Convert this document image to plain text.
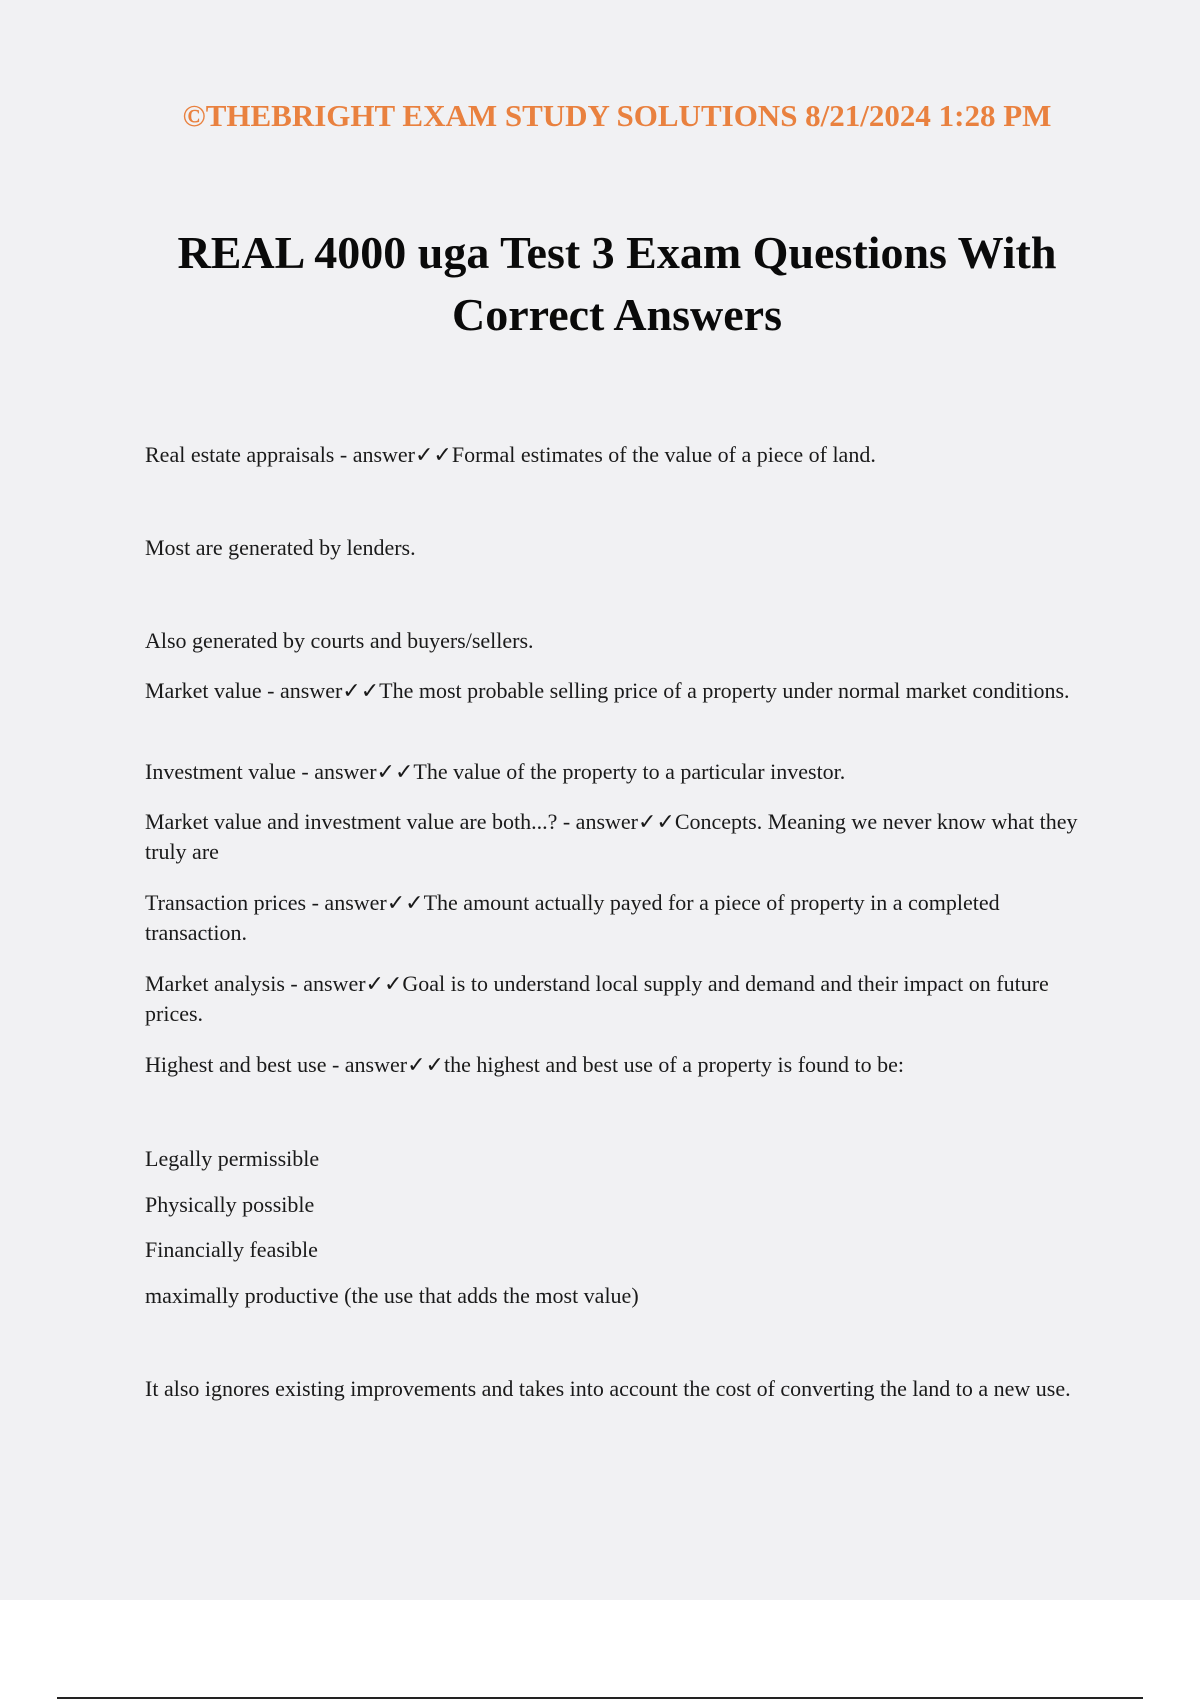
©THEBRIGHT EXAM STUDY SOLUTIONS 8/21/2024 1:28 PM
REAL 4000 uga Test 3 Exam Questions With Correct Answers

Real estate appraisals - answer✓✓Formal estimates of the value of a piece of land.

Most are generated by lenders.

Also generated by courts and buyers/sellers.

Market value - answer✓✓The most probable selling price of a property under normal market conditions.

Investment value - answer✓✓The value of the property to a particular investor.

Market value and investment value are both...? - answer✓✓Concepts. Meaning we never know what they truly are

Transaction prices - answer✓✓The amount actually payed for a piece of property in a completed transaction.

Market analysis - answer✓✓Goal is to understand local supply and demand and their impact on future prices.

Highest and best use - answer✓✓the highest and best use of a property is found to be:

Legally permissible

Physically possible

Financially feasible

maximally productive (the use that adds the most value)

It also ignores existing improvements and takes into account the cost of converting the land to a new use.
